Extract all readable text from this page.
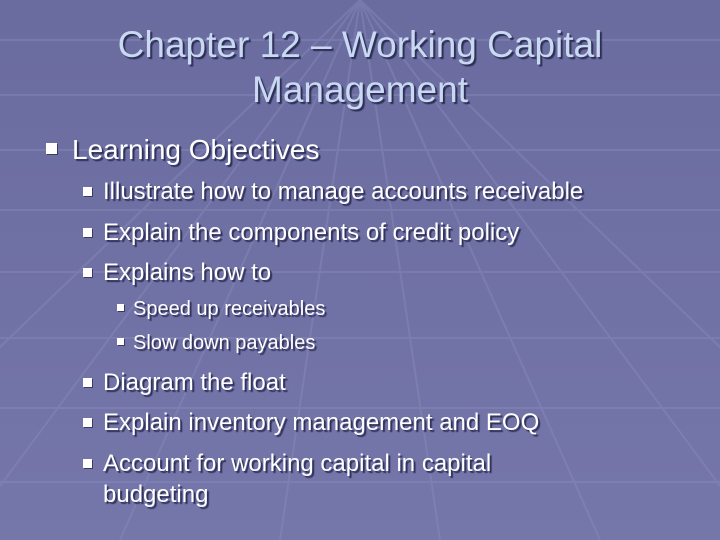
Chapter 12 – Working Capital
Management
Learning Objectives
Illustrate how to manage accounts receivable
Explain the components of credit policy
Explains how to
Speed up receivables
Slow down payables
Diagram the float
Explain inventory management and EOQ
Account for working capital in capital budgeting
